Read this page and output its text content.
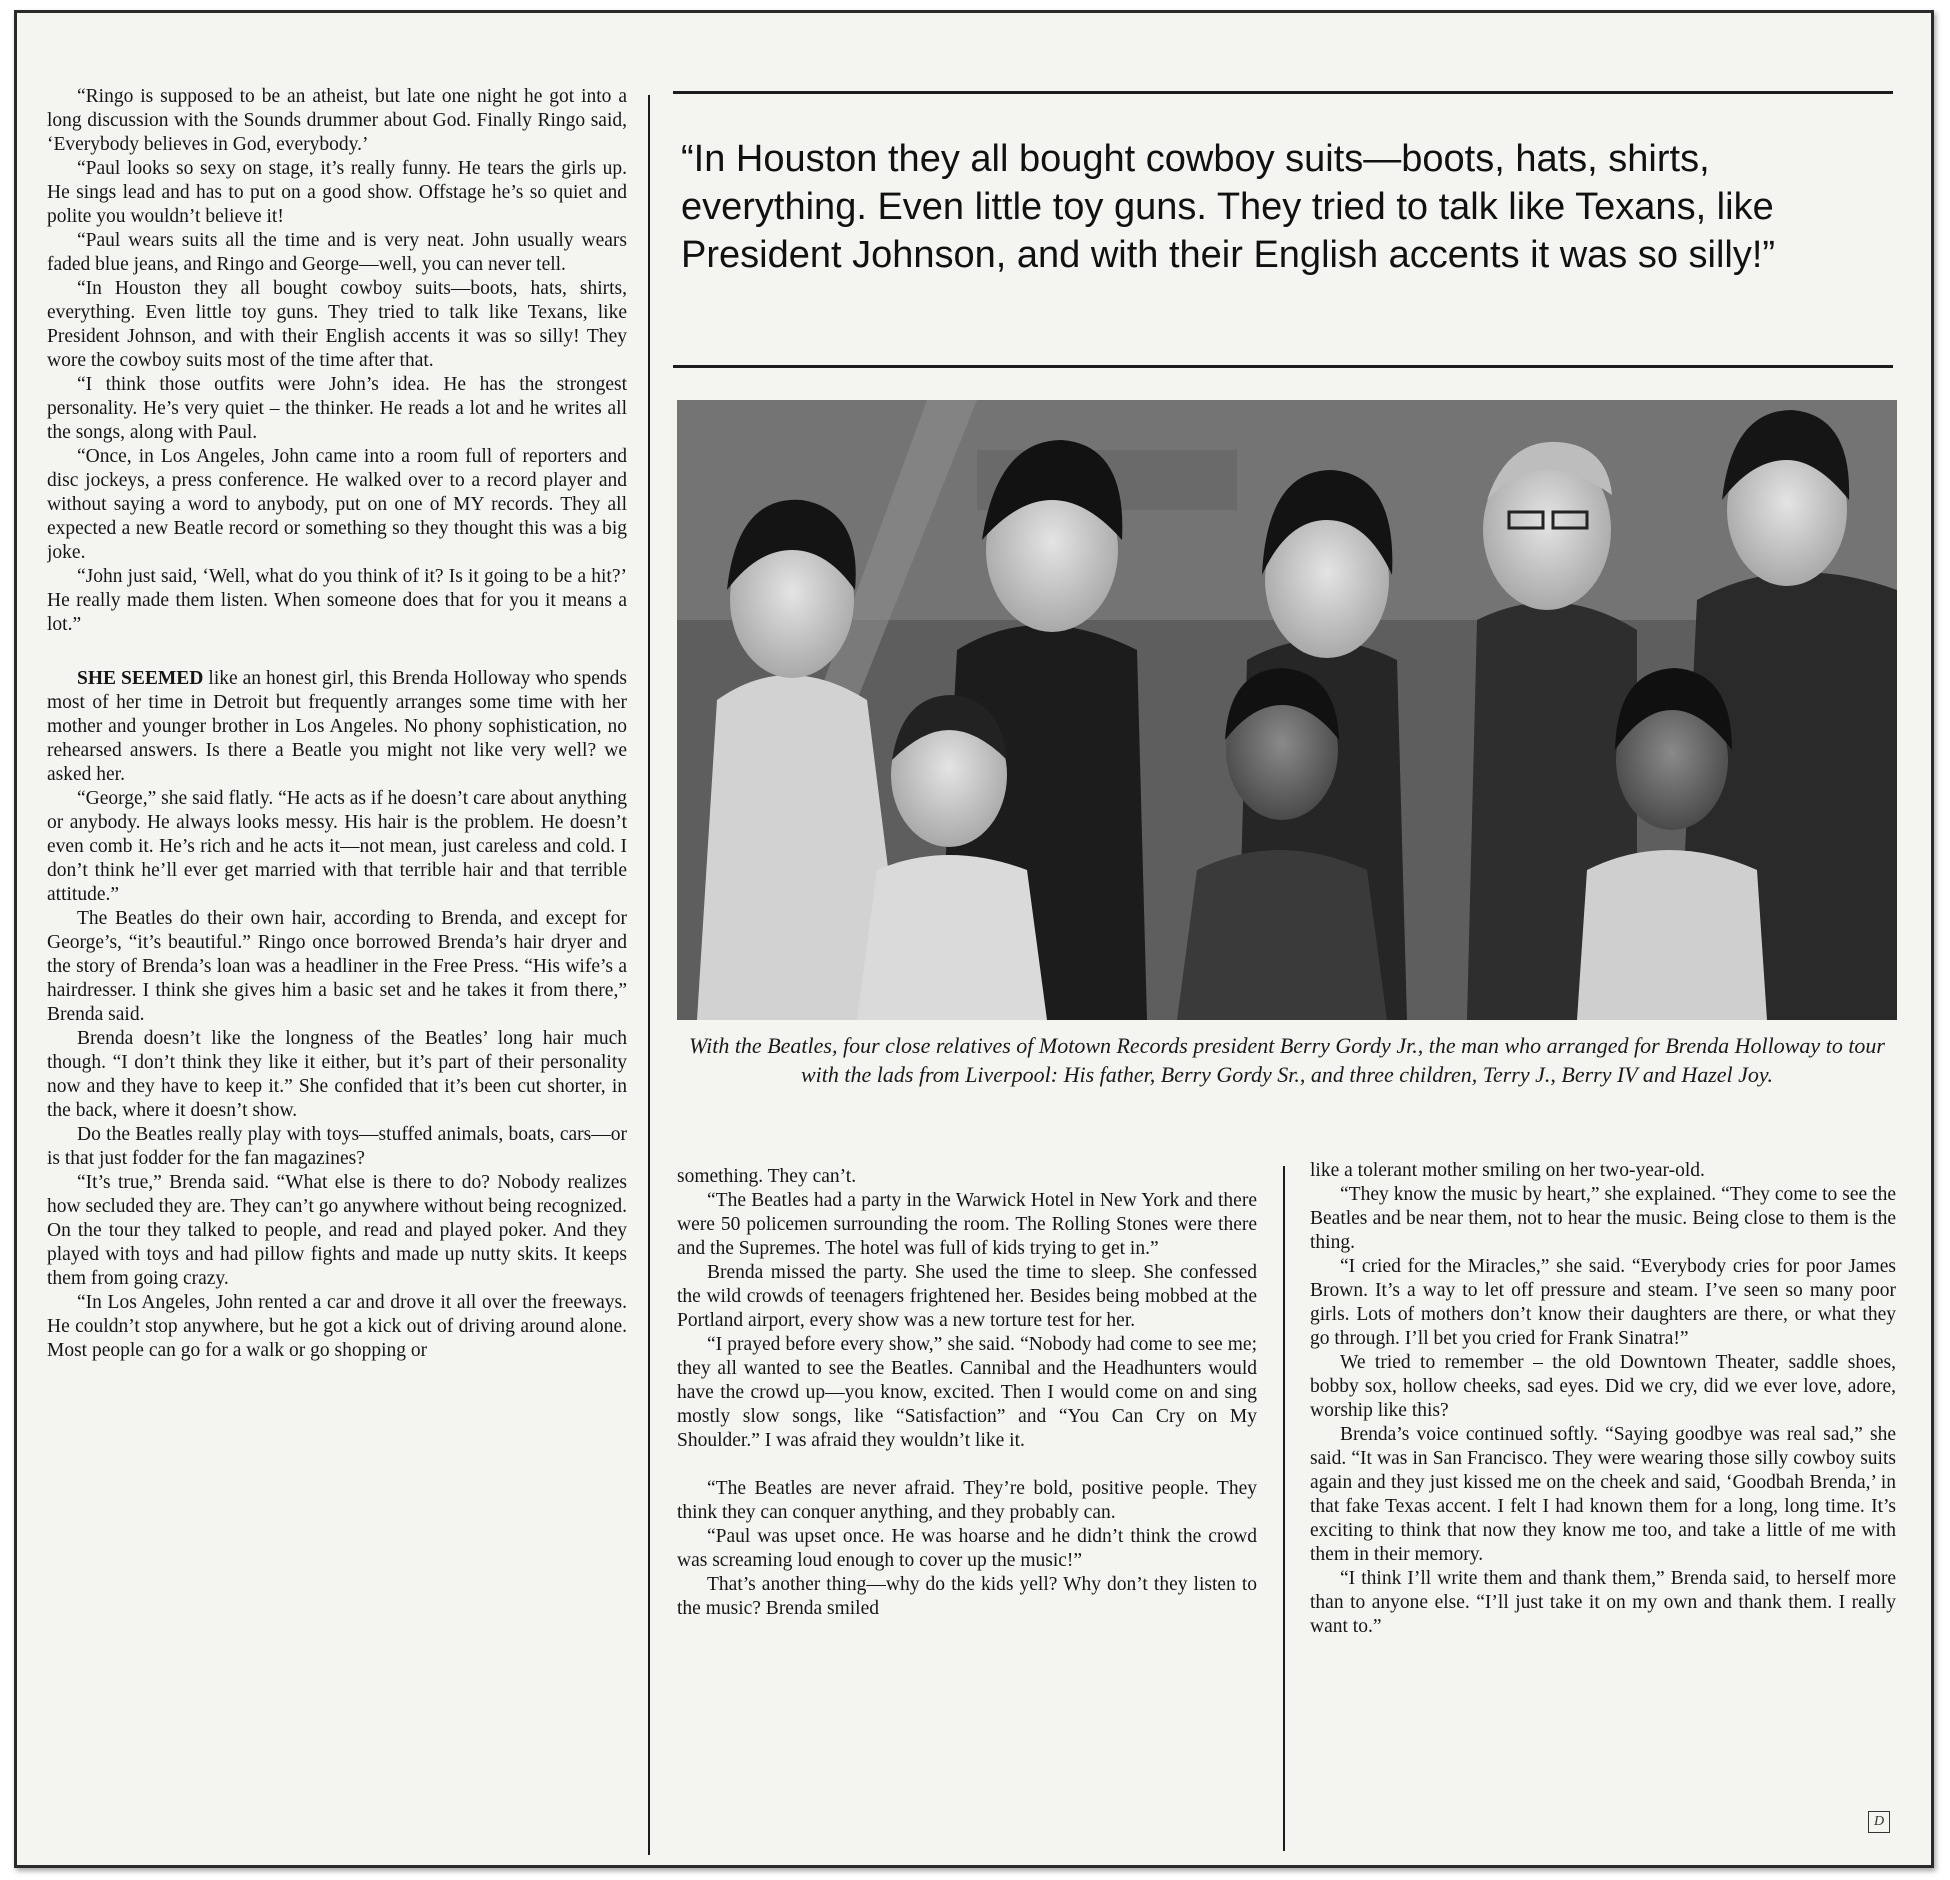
“Ringo is supposed to be an atheist, but late one night he got into a long discussion with the Sounds drummer about God. Finally Ringo said, ‘Everybody believes in God, everybody.’

“Paul looks so sexy on stage, it’s really funny. He tears the girls up. He sings lead and has to put on a good show. Offstage he’s so quiet and polite you wouldn’t believe it!

“Paul wears suits all the time and is very neat. John usually wears faded blue jeans, and Ringo and George—well, you can never tell.

“In Houston they all bought cowboy suits—boots, hats, shirts, everything. Even little toy guns. They tried to talk like Texans, like President Johnson, and with their English accents it was so silly! They wore the cowboy suits most of the time after that.

“I think those outfits were John’s idea. He has the strongest personality. He’s very quiet – the thinker. He reads a lot and he writes all the songs, along with Paul.

“Once, in Los Angeles, John came into a room full of reporters and disc jockeys, a press conference. He walked over to a record player and without saying a word to anybody, put on one of MY records. They all expected a new Beatle record or something so they thought this was a big joke.

“John just said, ‘Well, what do you think of it? Is it going to be a hit?’ He really made them listen. When someone does that for you it means a lot.”

SHE SEEMED like an honest girl, this Brenda Holloway who spends most of her time in Detroit but frequently arranges some time with her mother and younger brother in Los Angeles. No phony sophistication, no rehearsed answers. Is there a Beatle you might not like very well? we asked her.

“George,” she said flatly. “He acts as if he doesn’t care about anything or anybody. He always looks messy. His hair is the problem. He doesn’t even comb it. He’s rich and he acts it—not mean, just careless and cold. I don’t think he’ll ever get married with that terrible hair and that terrible attitude.”

The Beatles do their own hair, according to Brenda, and except for George’s, “it’s beautiful.” Ringo once borrowed Brenda’s hair dryer and the story of Brenda’s loan was a headliner in the Free Press. “His wife’s a hairdresser. I think she gives him a basic set and he takes it from there,” Brenda said.

Brenda doesn’t like the longness of the Beatles’ long hair much though. “I don’t think they like it either, but it’s part of their personality now and they have to keep it.” She confided that it’s been cut shorter, in the back, where it doesn’t show.

Do the Beatles really play with toys—stuffed animals, boats, cars—or is that just fodder for the fan magazines?

“It’s true,” Brenda said. “What else is there to do? Nobody realizes how secluded they are. They can’t go anywhere without being recognized. On the tour they talked to people, and read and played poker. And they played with toys and had pillow fights and made up nutty skits. It keeps them from going crazy.

“In Los Angeles, John rented a car and drove it all over the freeways. He couldn’t stop anywhere, but he got a kick out of driving around alone. Most people can go for a walk or go shopping or

“In Houston they all bought cowboy suits—boots, hats, shirts, everything. Even little toy guns. They tried to talk like Texans, like President Johnson, and with their English accents it was so silly!”
With the Beatles, four close relatives of Motown Records president Berry Gordy Jr., the man who arranged for Brenda Holloway to tour with the lads from Liverpool: His father, Berry Gordy Sr., and three children, Terry J., Berry IV and Hazel Joy.

something. They can’t.

“The Beatles had a party in the Warwick Hotel in New York and there were 50 policemen surrounding the room. The Rolling Stones were there and the Supremes. The hotel was full of kids trying to get in.”

Brenda missed the party. She used the time to sleep. She confessed the wild crowds of teenagers frightened her. Besides being mobbed at the Portland airport, every show was a new torture test for her.

“I prayed before every show,” she said. “Nobody had come to see me; they all wanted to see the Beatles. Cannibal and the Headhunters would have the crowd up—you know, excited. Then I would come on and sing mostly slow songs, like “Satisfaction” and “You Can Cry on My Shoulder.” I was afraid they wouldn’t like it.

“The Beatles are never afraid. They’re bold, positive people. They think they can conquer anything, and they probably can.

“Paul was upset once. He was hoarse and he didn’t think the crowd was screaming loud enough to cover up the music!”

That’s another thing—why do the kids yell? Why don’t they listen to the music? Brenda smiled

like a tolerant mother smiling on her two-year-old.

“They know the music by heart,” she explained. “They come to see the Beatles and be near them, not to hear the music. Being close to them is the thing.

“I cried for the Miracles,” she said. “Everybody cries for poor James Brown. It’s a way to let off pressure and steam. I’ve seen so many poor girls. Lots of mothers don’t know their daughters are there, or what they go through. I’ll bet you cried for Frank Sinatra!”

We tried to remember – the old Downtown Theater, saddle shoes, bobby sox, hollow cheeks, sad eyes. Did we cry, did we ever love, adore, worship like this?

Brenda’s voice continued softly. “Saying goodbye was real sad,” she said. “It was in San Francisco. They were wearing those silly cowboy suits again and they just kissed me on the cheek and said, ‘Goodbah Brenda,’ in that fake Texas accent. I felt I had known them for a long, long time. It’s exciting to think that now they know me too, and take a little of me with them in their memory.

“I think I’ll write them and thank them,” Brenda said, to herself more than to anyone else. “I’ll just take it on my own and thank them. I really want to.”

D
